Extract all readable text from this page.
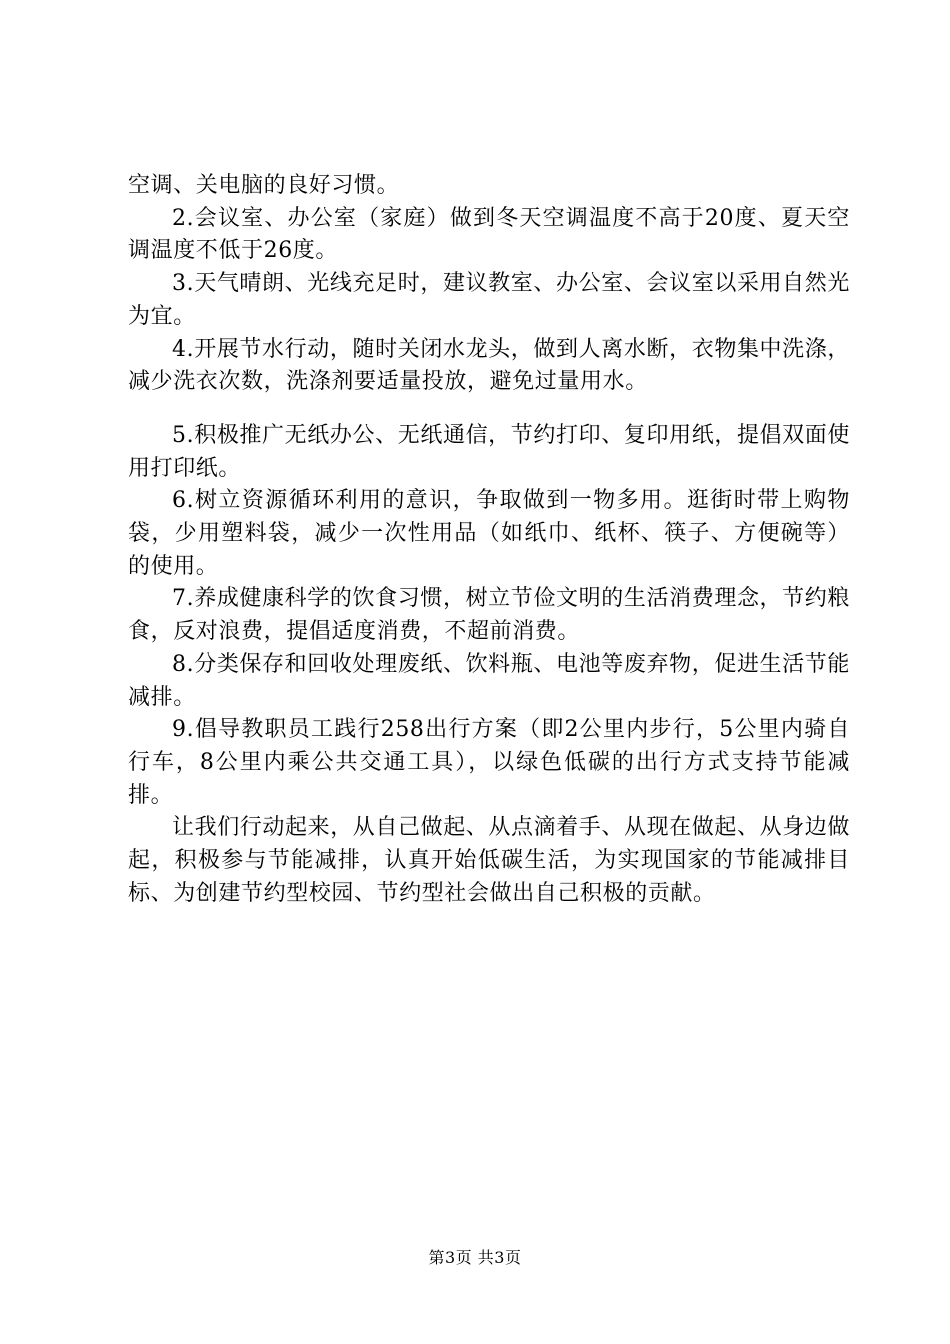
空调、关电脑的良好习惯。

2.会议室、办公室（家庭）做到冬天空调温度不高于20度、夏天空调温度不低于26度。

3.天气晴朗、光线充足时，建议教室、办公室、会议室以采用自然光为宜。

4.开展节水行动，随时关闭水龙头，做到人离水断，衣物集中洗涤，减少洗衣次数，洗涤剂要适量投放，避免过量用水。

5.积极推广无纸办公、无纸通信，节约打印、复印用纸，提倡双面使用打印纸。

6.树立资源循环利用的意识，争取做到一物多用。逛街时带上购物袋，少用塑料袋，减少一次性用品（如纸巾、纸杯、筷子、方便碗等）的使用。

7.养成健康科学的饮食习惯，树立节俭文明的生活消费理念，节约粮食，反对浪费，提倡适度消费，不超前消费。

8.分类保存和回收处理废纸、饮料瓶、电池等废弃物，促进生活节能减排。

9.倡导教职员工践行258出行方案（即2公里内步行，5公里内骑自行车，8公里内乘公共交通工具），以绿色低碳的出行方式支持节能减排。

让我们行动起来，从自己做起、从点滴着手、从现在做起、从身边做起，积极参与节能减排，认真开始低碳生活，为实现国家的节能减排目标、为创建节约型校园、节约型社会做出自己积极的贡献。

第3页 共3页
